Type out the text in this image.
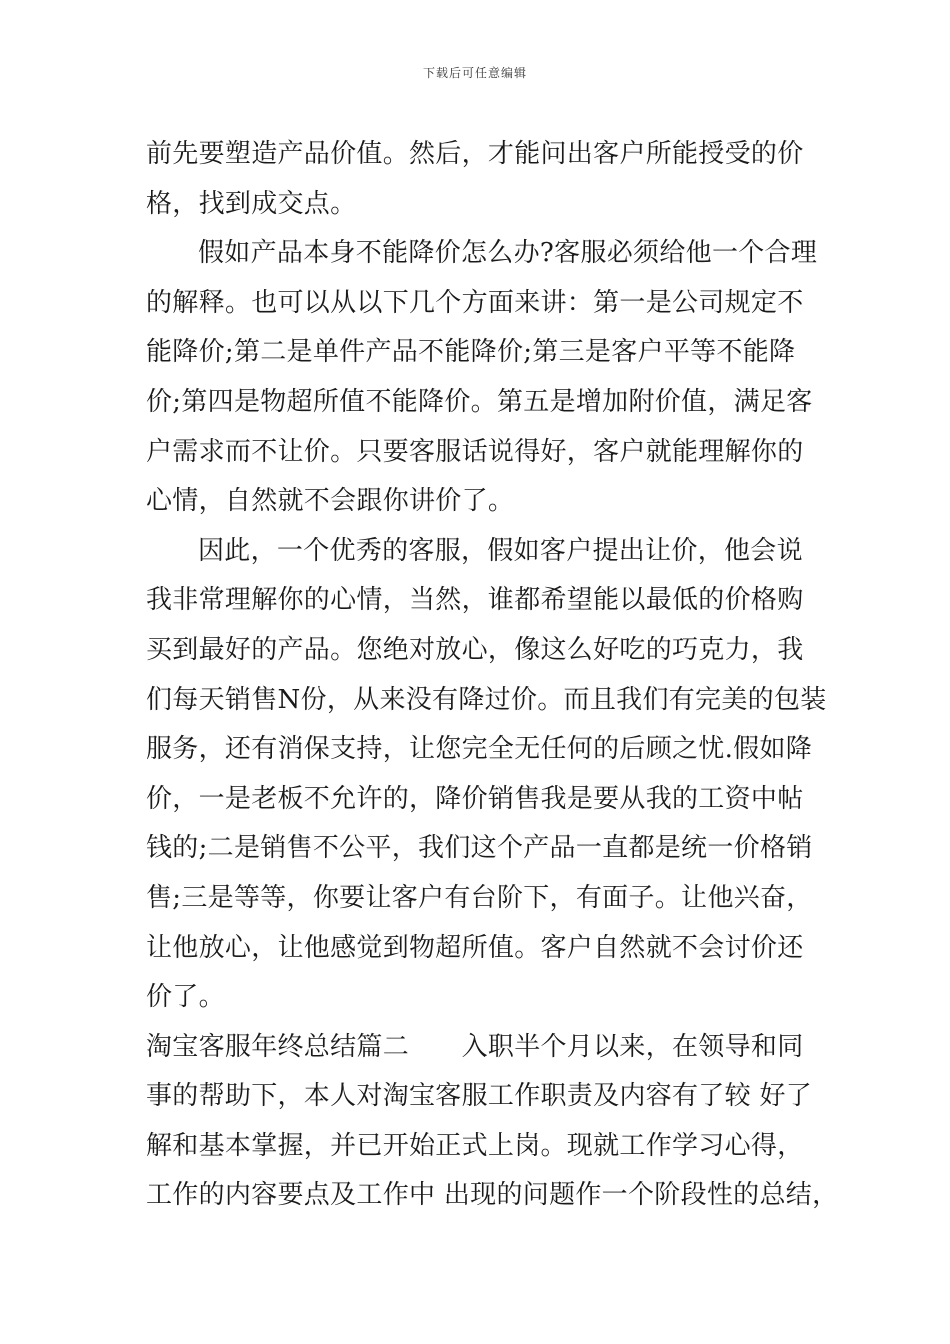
下载后可任意编辑
前先要塑造产品价值。然后，才能问出客户所能授受的价
格，找到成交点。
假如产品本身不能降价怎么办?客服必须给他一个合理
的解释。也可以从以下几个方面来讲：第一是公司规定不
能降价;第二是单件产品不能降价;第三是客户平等不能降
价;第四是物超所值不能降价。第五是增加附价值，满足客
户需求而不让价。只要客服话说得好，客户就能理解你的
心情，自然就不会跟你讲价了。
因此，一个优秀的客服，假如客户提出让价，他会说
我非常理解你的心情，当然，谁都希望能以最低的价格购
买到最好的产品。您绝对放心，像这么好吃的巧克力，我
们每天销售N份，从来没有降过价。而且我们有完美的包装
服务，还有消保支持，让您完全无任何的后顾之忧.假如降
价，一是老板不允许的，降价销售我是要从我的工资中帖
钱的;二是销售不公平，我们这个产品一直都是统一价格销
售;三是等等，你要让客户有台阶下，有面子。让他兴奋，
让他放心，让他感觉到物超所值。客户自然就不会讨价还
价了。
淘宝客服年终总结篇二　　入职半个月以来，在领导和同
事的帮助下，本人对淘宝客服工作职责及内容有了较 好了
解和基本掌握，并已开始正式上岗。现就工作学习心得，
工作的内容要点及工作中 出现的问题作一个阶段性的总结，
